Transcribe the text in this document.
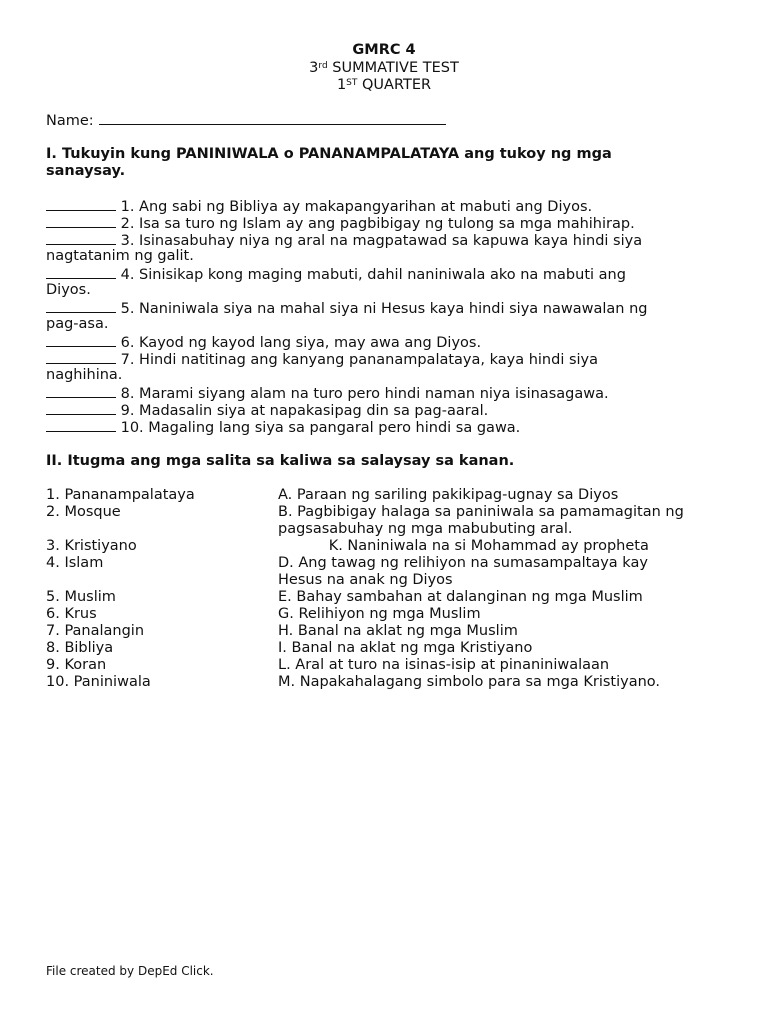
GMRC 4
3rd SUMMATIVE TEST
1ST QUARTER
Name:
I. Tukuyin kung PANINIWALA o PANANAMPALATAYA ang tukoy ng mga
sanaysay.
1. Ang sabi ng Bibliya ay makapangyarihan at mabuti ang Diyos.
2. Isa sa turo ng Islam ay ang pagbibigay ng tulong sa mga mahihirap.
3. Isinasabuhay niya ng aral na magpatawad sa kapuwa kaya hindi siya
nagtatanim ng galit.
4. Sinisikap kong maging mabuti, dahil naniniwala ako na mabuti ang
Diyos.
5. Naniniwala siya na mahal siya ni Hesus kaya hindi siya nawawalan ng
pag-asa.
6. Kayod ng kayod lang siya, may awa ang Diyos.
7. Hindi natitinag ang kanyang pananampalataya, kaya hindi siya
naghihina.
8. Marami siyang alam na turo pero hindi naman niya isinasagawa.
9. Madasalin siya at napakasipag din sa pag-aaral.
10. Magaling lang siya sa pangaral pero hindi sa gawa.
II. Itugma ang mga salita sa kaliwa sa salaysay sa kanan.
1. Pananampalataya	A. Paraan ng sariling pakikipag-ugnay sa Diyos
2. Mosque	B. Pagbibigay halaga sa paniniwala sa pamamagitan ng
pagsasabuhay ng mga mabubuting aral.
3. Kristiyano	K. Naniniwala na si Mohammad ay propheta
4. Islam	D. Ang tawag ng relihiyon na sumasampaltaya kay
Hesus na anak ng Diyos
5. Muslim	E. Bahay sambahan at dalanginan ng mga Muslim
6. Krus	G. Relihiyon ng mga Muslim
7. Panalangin	H. Banal na aklat ng mga Muslim
8. Bibliya	I. Banal na aklat ng mga Kristiyano
9. Koran	L. Aral at turo na isinas-isip at pinaniniwalaan
10. Paniniwala	M. Napakahalagang simbolo para sa mga Kristiyano.
File created by DepEd Click.
